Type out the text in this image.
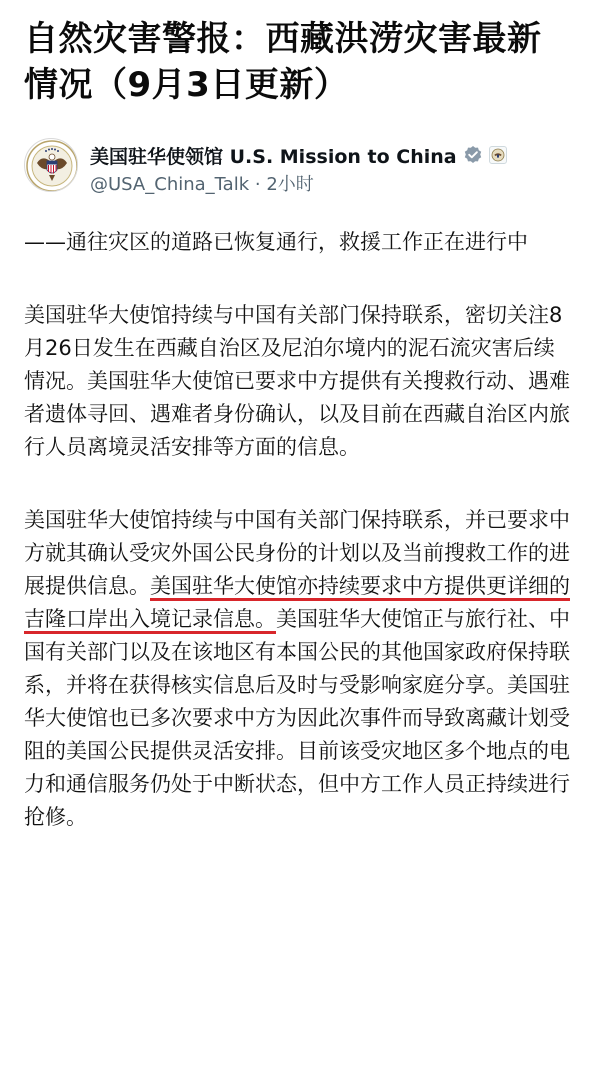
自然灾害警报：西藏洪涝灾害最新情况（9月3日更新）
美国驻华使领馆 U.S. Mission to China
@USA_China_Talk · 2小时

——通往灾区的道路已恢复通行，救援工作正在进行中

美国驻华大使馆持续与中国有关部门保持联系，密切关注8月26日发生在西藏自治区及尼泊尔境内的泥石流灾害后续情况。美国驻华大使馆已要求中方提供有关搜救行动、遇难者遗体寻回、遇难者身份确认，以及目前在西藏自治区内旅行人员离境灵活安排等方面的信息。

美国驻华大使馆持续与中国有关部门保持联系，并已要求中方就其确认受灾外国公民身份的计划以及当前搜救工作的进展提供信息。美国驻华大使馆亦持续要求中方提供更详细的吉隆口岸出入境记录信息。美国驻华大使馆正与旅行社、中国有关部门以及在该地区有本国公民的其他国家政府保持联系，并将在获得核实信息后及时与受影响家庭分享。美国驻华大使馆也已多次要求中方为因此次事件而导致离藏计划受阻的美国公民提供灵活安排。目前该受灾地区多个地点的电力和通信服务仍处于中断状态，但中方工作人员正持续进行抢修。
